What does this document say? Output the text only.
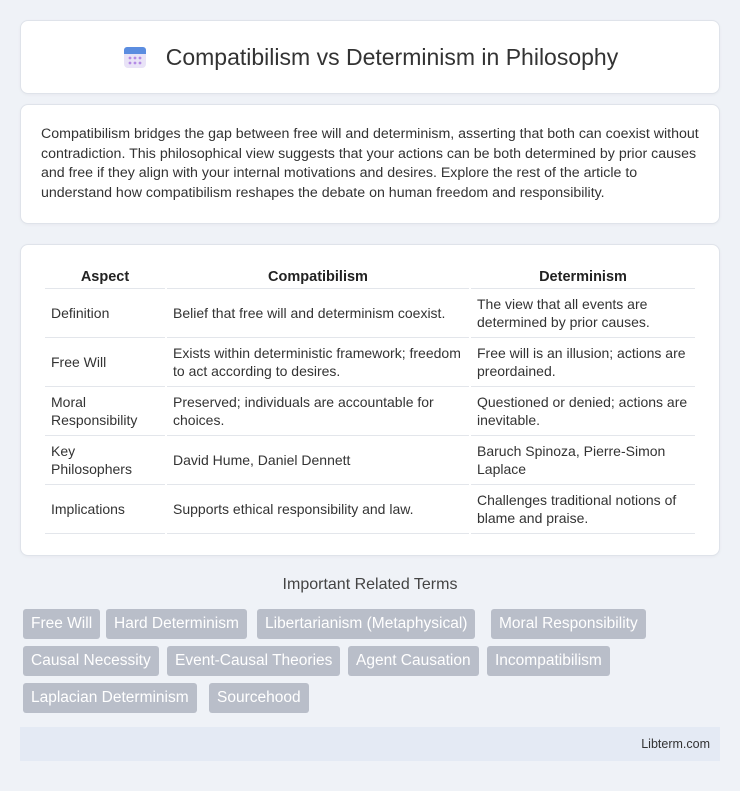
Compatibilism vs Determinism in Philosophy

Compatibilism bridges the gap between free will and determinism, asserting that both can coexist without contradiction. This philosophical view suggests that your actions can be both determined by prior causes and free if they align with your internal motivations and desires. Explore the rest of the article to understand how compatibilism reshapes the debate on human freedom and responsibility.

Aspect	Compatibilism	Determinism
Definition	Belief that free will and determinism coexist.	The view that all events are determined by prior causes.
Free Will	Exists within deterministic framework; freedom to act according to desires.	Free will is an illusion; actions are preordained.
Moral Responsibility	Preserved; individuals are accountable for choices.	Questioned or denied; actions are inevitable.
Key Philosophers	David Hume, Daniel Dennett	Baruch Spinoza, Pierre-Simon Laplace
Implications	Supports ethical responsibility and law.	Challenges traditional notions of blame and praise.
Important Related Terms
Free Will	Hard Determinism	Libertarianism (Metaphysical)	Moral Responsibility
Causal Necessity	Event-Causal Theories	Agent Causation	Incompatibilism
Laplacian Determinism	Sourcehood
Libterm.com
